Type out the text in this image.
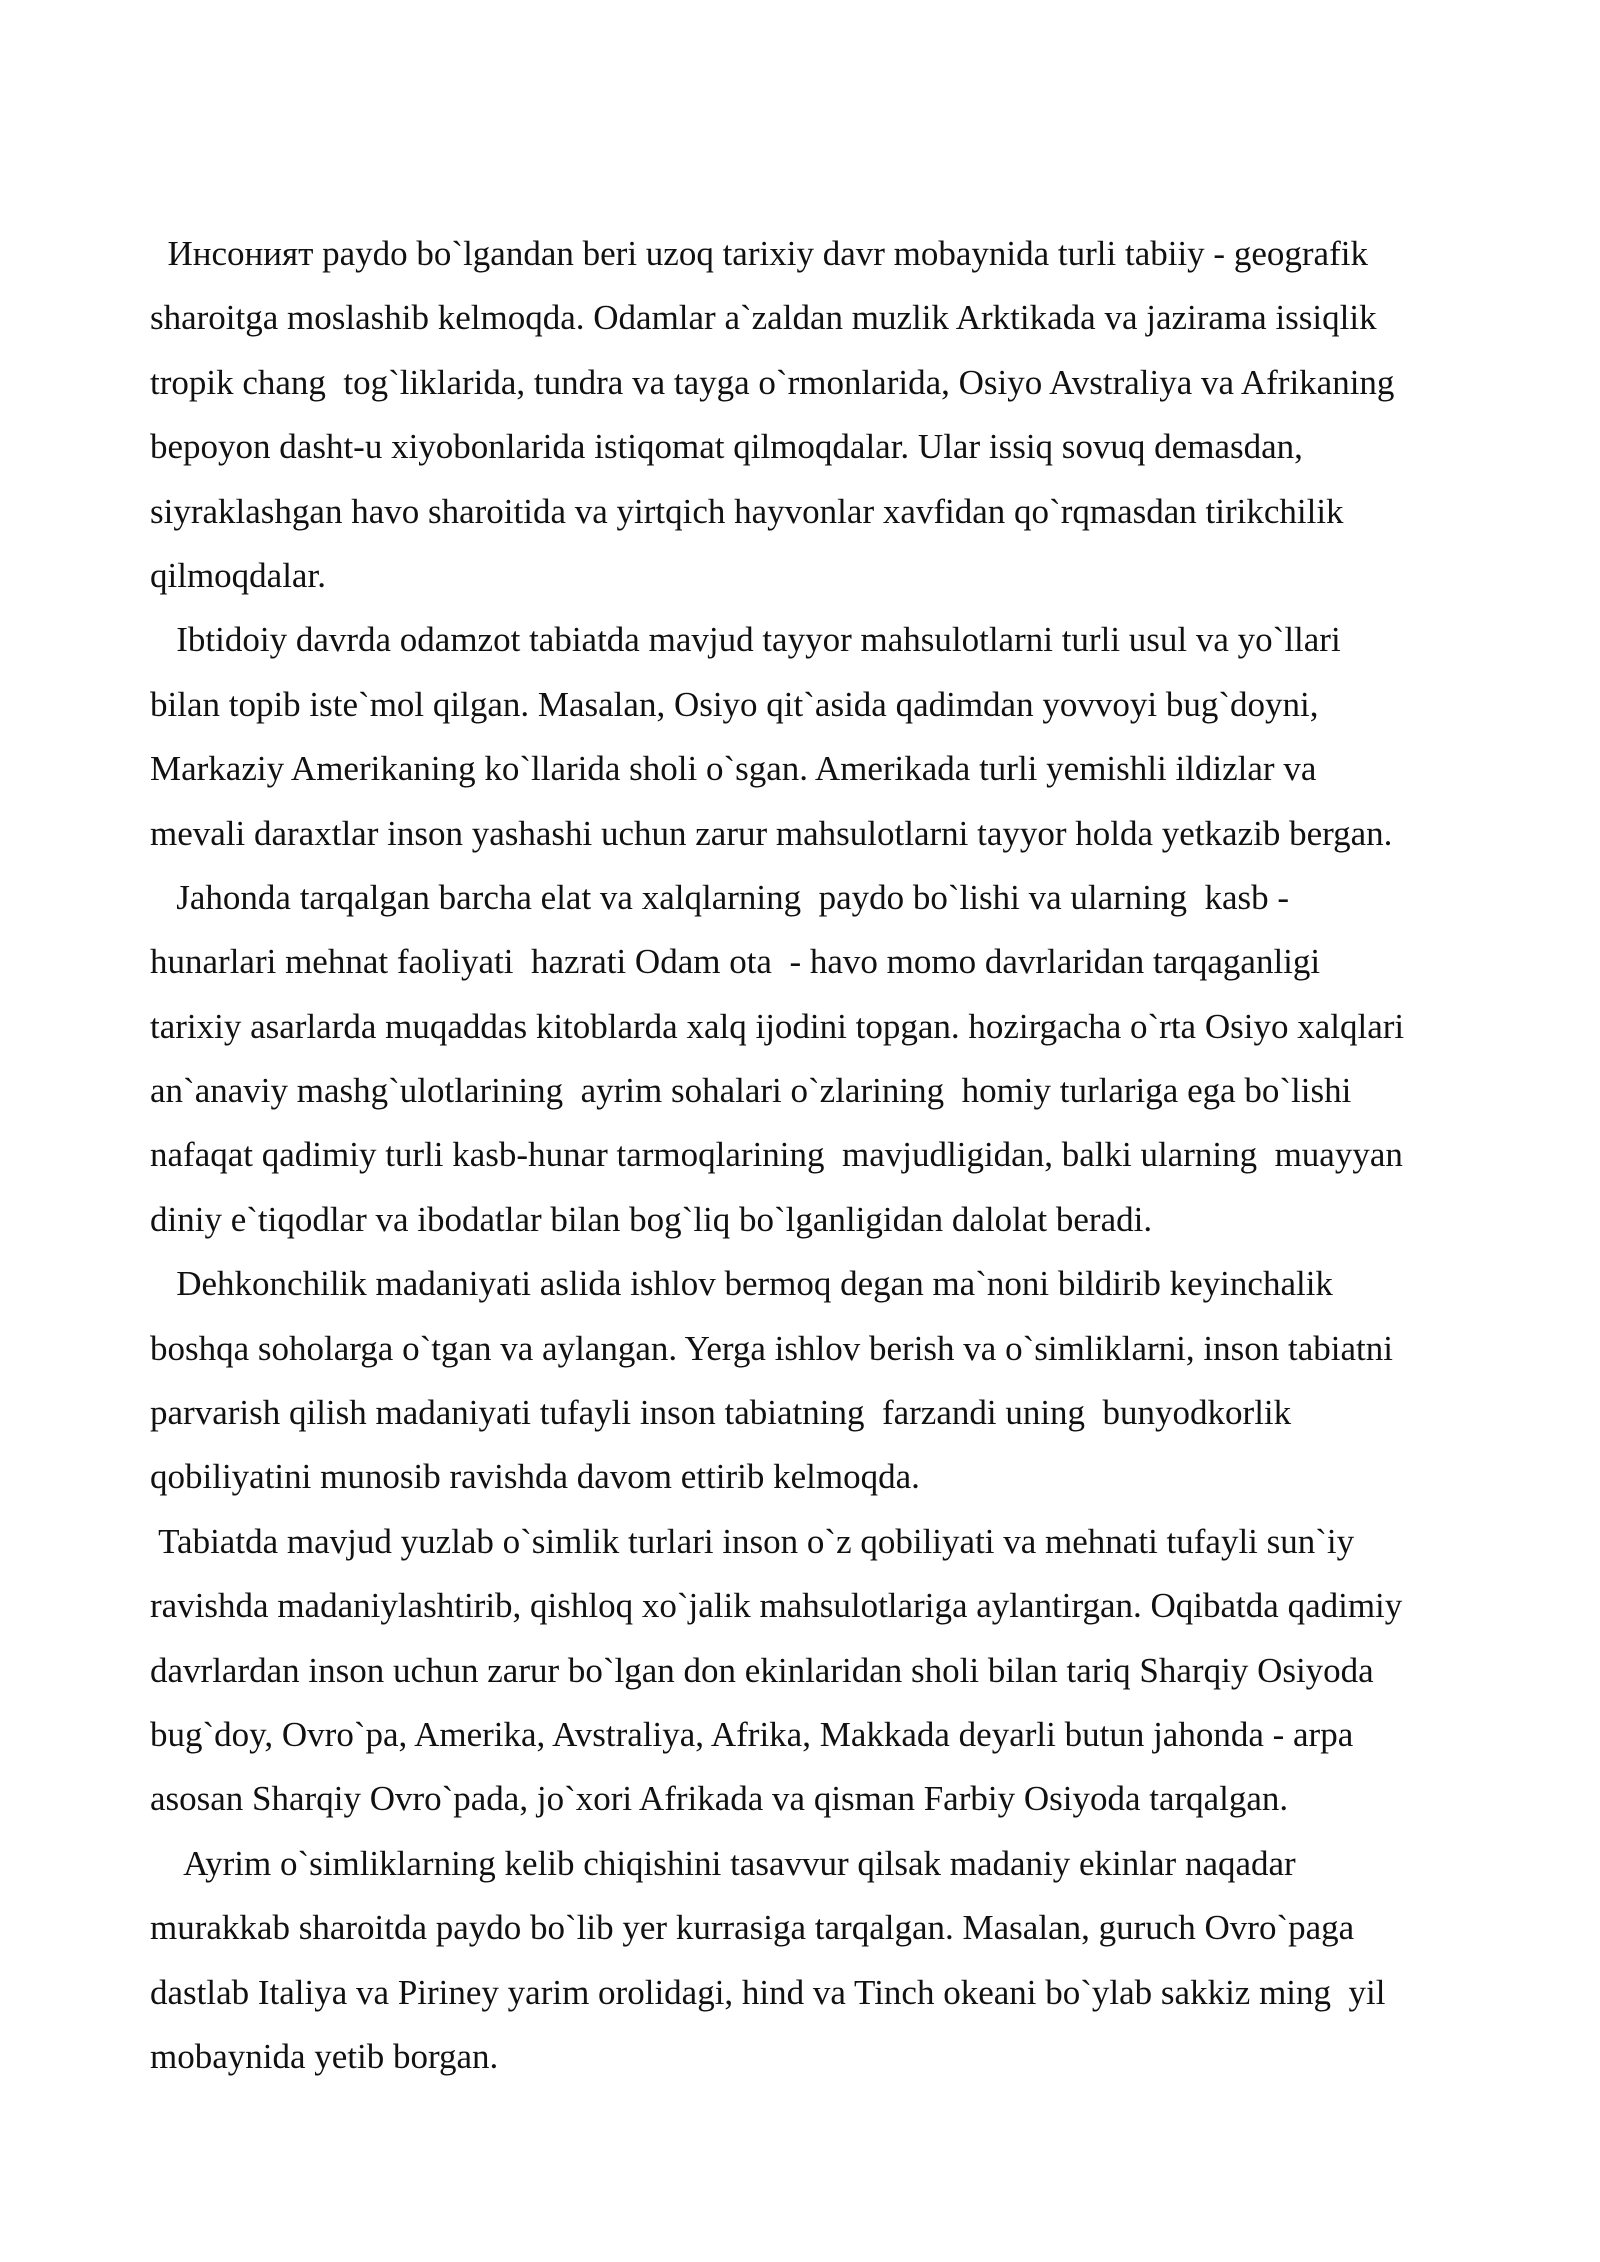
Инсоният paydo bo`lgandan beri uzoq tarixiy davr mobaynida turli tabiiy - geografik
sharoitga moslashib kelmoqda. Odamlar a`zaldan muzlik Arktikada va jazirama issiqlik
tropik chang  tog`liklarida, tundra va tayga o`rmonlarida, Osiyo Avstraliya va Afrikaning
bepoyon dasht-u xiyobonlarida istiqomat qilmoqdalar. Ular issiq sovuq demasdan,
siyraklashgan havo sharoitida va yirtqich hayvonlar xavfidan qo`rqmasdan tirikchilik
qilmoqdalar.
Ibtidoiy davrda odamzot tabiatda mavjud tayyor mahsulotlarni turli usul va yo`llari
bilan topib iste`mol qilgan. Masalan, Osiyo qit`asida qadimdan yovvoyi bug`doyni,
Markaziy Amerikaning ko`llarida sholi o`sgan. Amerikada turli yemishli ildizlar va
mevali daraxtlar inson yashashi uchun zarur mahsulotlarni tayyor holda yetkazib bergan.
Jahonda tarqalgan barcha elat va xalqlarning  paydo bo`lishi va ularning  kasb -
hunarlari mehnat faoliyati  hazrati Odam ota  - havo momo davrlaridan tarqaganligi
tarixiy asarlarda muqaddas kitoblarda xalq ijodini topgan. hozirgacha o`rta Osiyo xalqlari
an`anaviy mashg`ulotlarining  ayrim sohalari o`zlarining  homiy turlariga ega bo`lishi
nafaqat qadimiy turli kasb-hunar tarmoqlarining  mavjudligidan, balki ularning  muayyan
diniy e`tiqodlar va ibodatlar bilan bog`liq bo`lganligidan dalolat beradi.
Dehkonchilik madaniyati aslida ishlov bermoq degan ma`noni bildirib keyinchalik
boshqa soholarga o`tgan va aylangan. Yerga ishlov berish va o`simliklarni, inson tabiatni
parvarish qilish madaniyati tufayli inson tabiatning  farzandi uning  bunyodkorlik
qobiliyatini munosib ravishda davom ettirib kelmoqda.
Tabiatda mavjud yuzlab o`simlik turlari inson o`z qobiliyati va mehnati tufayli sun`iy
ravishda madaniylashtirib, qishloq xo`jalik mahsulotlariga aylantirgan. Oqibatda qadimiy
davrlardan inson uchun zarur bo`lgan don ekinlaridan sholi bilan tariq Sharqiy Osiyoda
bug`doy, Ovro`pa, Amerika, Avstraliya, Afrika, Makkada deyarli butun jahonda - arpa
asosan Sharqiy Ovro`pada, jo`xori Afrikada va qisman Farbiy Osiyoda tarqalgan.
Ayrim o`simliklarning kelib chiqishini tasavvur qilsak madaniy ekinlar naqadar
murakkab sharoitda paydo bo`lib yer kurrasiga tarqalgan. Masalan, guruch Ovro`paga
dastlab Italiya va Piriney yarim orolidagi, hind va Tinch okeani bo`ylab sakkiz ming  yil
mobaynida yetib borgan.
